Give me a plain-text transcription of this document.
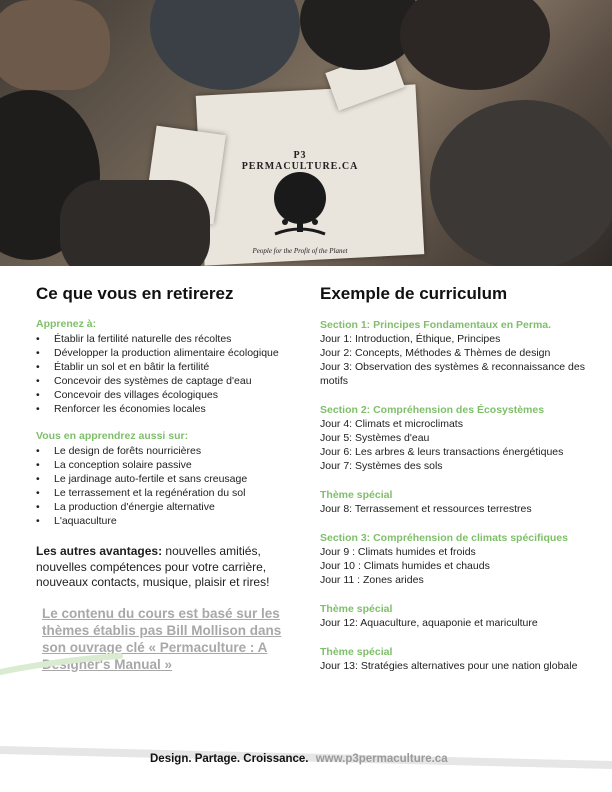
P3 PERMACULTURE.CA
People for the Profit of the Planet
Ce que vous en retirerez
Apprenez à:
• Établir la fertilité naturelle des récoltes
• Développer la production alimentaire écologique
• Établir un sol et en bâtir la fertilité
• Concevoir des systèmes de captage d'eau
• Concevoir des villages écologiques
• Renforcer les économies locales
Vous en apprendrez aussi sur:
• Le design de forêts nourricières
• La conception solaire passive
• Le jardinage auto-fertile et sans creusage
• Le terrassement et la regénération du sol
• La production d'énergie alternative
• L'aquaculture
Les autres avantages: nouvelles amitiés, nouvelles compétences pour votre carrière, nouveaux contacts, musique, plaisir et rires!
Le contenu du cours est basé sur les thèmes établis pas Bill Mollison dans son ouvrage clé « Permaculture : A Designer's Manual »
Exemple de curriculum
Section 1: Principes Fondamentaux en Perma.
Jour 1: Introduction, Éthique, Principes
Jour 2: Concepts, Méthodes & Thèmes de design
Jour 3: Observation des systèmes & reconnaissance des motifs
Section 2: Compréhension des Écosystèmes
Jour 4: Climats et microclimats
Jour 5: Systèmes d'eau
Jour 6: Les arbres & leurs transactions énergétiques
Jour 7: Systèmes des sols
Thème spécial
Jour 8: Terrassement et ressources terrestres
Section 3: Compréhension de climats spécifiques
Jour 9 : Climats humides et froids
Jour 10 : Climats humides et chauds
Jour 11 : Zones arides
Thème spécial
Jour 12: Aquaculture, aquaponie et mariculture
Thème spécial
Jour 13: Stratégies alternatives pour une nation globale
Design. Partage. Croissance. www.p3permaculture.ca
